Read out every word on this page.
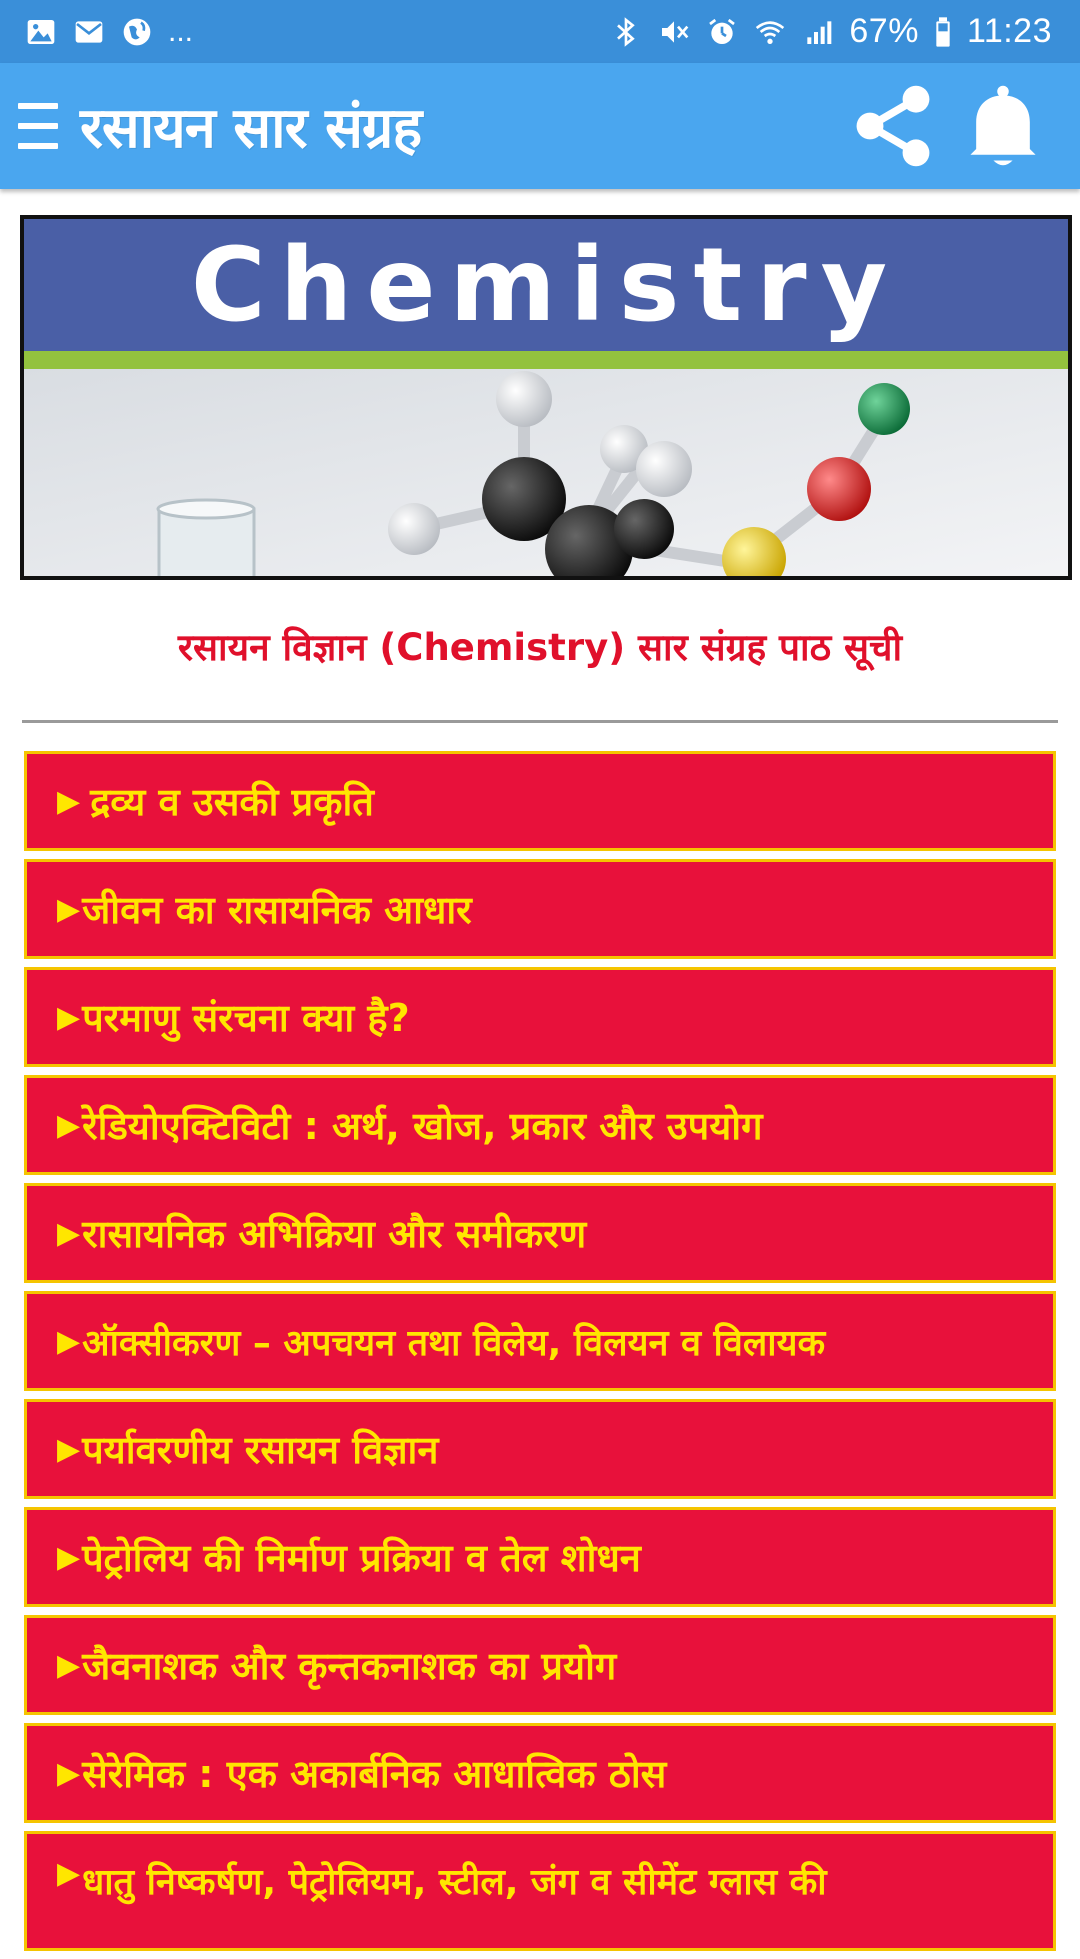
...	67% 11:23
रसायन सार संग्रह
Chemistry
रसायन विज्ञान (Chemistry) सार संग्रह पाठ सूची
▶ द्रव्य व उसकी प्रकृति
▶ जीवन का रासायनिक आधार
▶ परमाणु संरचना क्या है?
▶ रेडियोएक्टिविटी : अर्थ, खोज, प्रकार और उपयोग
▶ रासायनिक अभिक्रिया और समीकरण
▶ ऑक्सीकरण – अपचयन तथा विलेय, विलयन व विलायक
▶ पर्यावरणीय रसायन विज्ञान
▶ पेट्रोलिय की निर्माण प्रक्रिया व तेल शोधन
▶ जैवनाशक और कृन्तकनाशक का प्रयोग
▶ सेरेमिक : एक अकार्बनिक आधात्विक ठोस
▶ धातु निष्कर्षण, पेट्रोलियम, स्टील, जंग व सीमेंट ग्लास की
